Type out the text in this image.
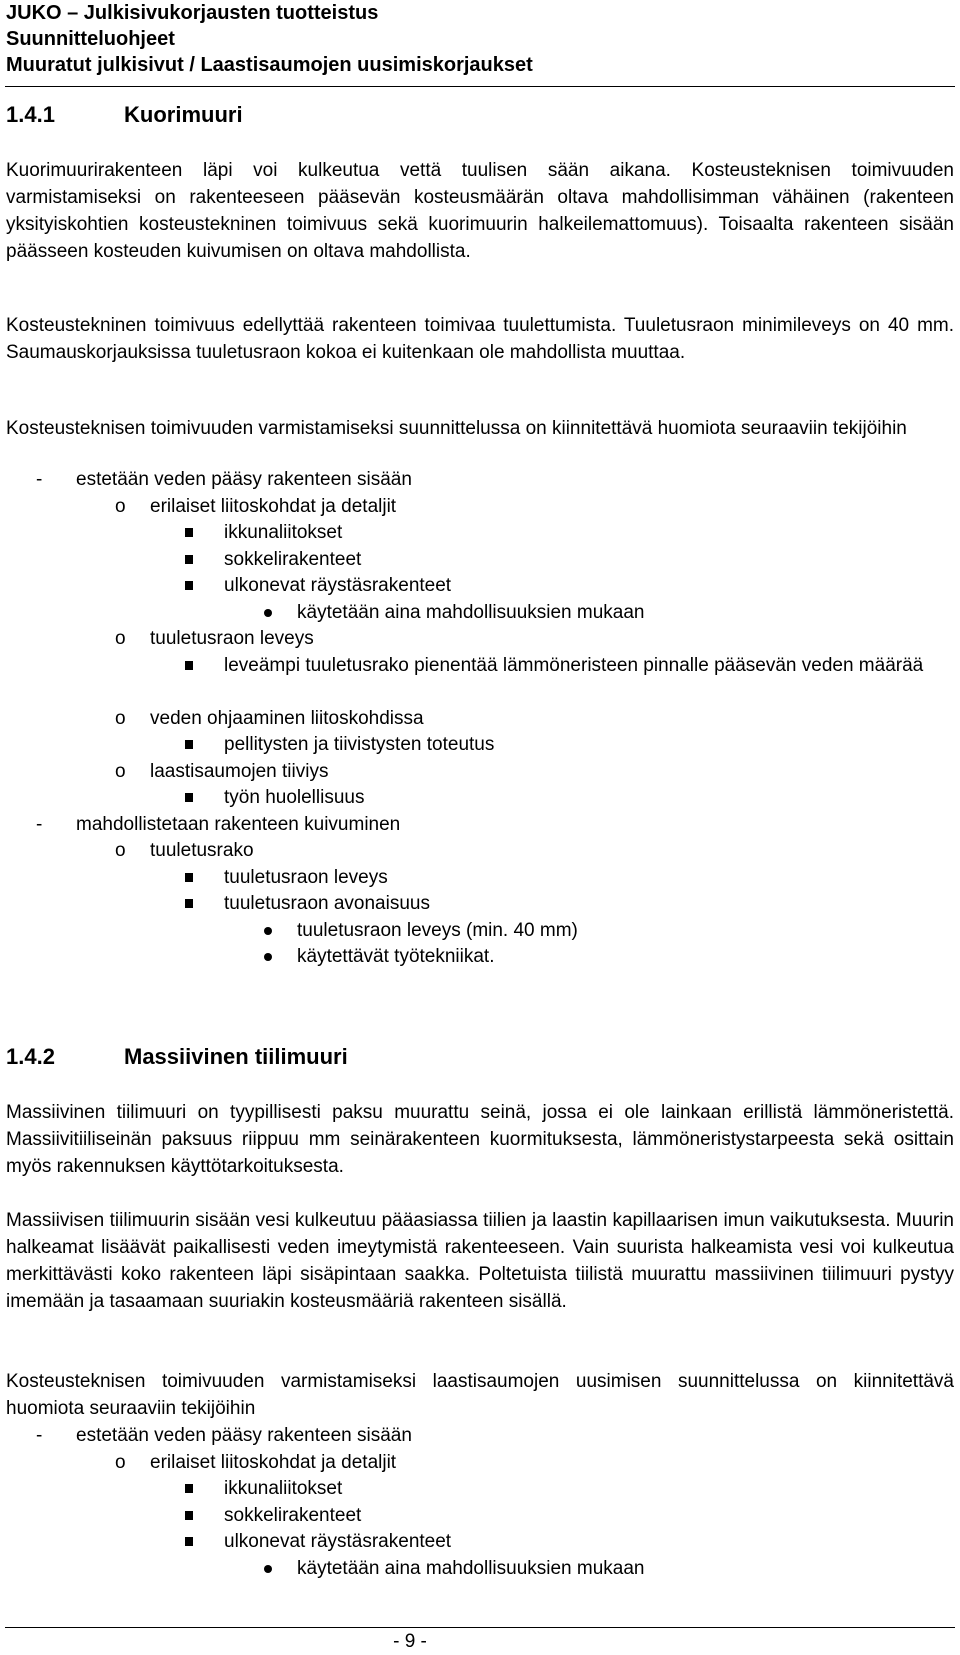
JUKO – Julkisivukorjausten tuotteistus
Suunnitteluohjeet
Muuratut julkisivut / Laastisaumojen uusimiskorjaukset
1.4.1	Kuorimuuri
Kuorimuurirakenteen läpi voi kulkeutua vettä tuulisen sään aikana. Kosteusteknisen toimivuuden varmistamiseksi on rakenteeseen pääsevän kosteusmäärän oltava mahdollisimman vähäinen (rakenteen yksityiskohtien kosteustekninen toimivuus sekä kuorimuurin halkeilemattomuus). Toisaalta rakenteen sisään päässeen kosteuden kuivumisen on oltava mahdollista.
Kosteustekninen toimivuus edellyttää rakenteen toimivaa tuulettumista. Tuuletusraon minimileveys on 40 mm. Saumauskorjauksissa tuuletusraon kokoa ei kuitenkaan ole mahdollista muuttaa.
Kosteusteknisen toimivuuden varmistamiseksi suunnittelussa on kiinnitettävä huomiota seuraaviin tekijöihin
- estetään veden pääsy rakenteen sisään
o erilaiset liitoskohdat ja detaljit
ikkunaliitokset
sokkelirakenteet
ulkonevat räystäsrakenteet
käytetään aina mahdollisuuksien mukaan
o tuuletusraon leveys
leveämpi tuuletusrako pienentää lämmöneristeen pinnalle pääsevän veden määrää
o veden ohjaaminen liitoskohdissa
pellitysten ja tiivistysten toteutus
o laastisaumojen tiiviys
työn huolellisuus
- mahdollistetaan rakenteen kuivuminen
o tuuletusrako
tuuletusraon leveys
tuuletusraon avonaisuus
tuuletusraon leveys (min. 40 mm)
käytettävät työtekniikat.
1.4.2	Massiivinen tiilimuuri
Massiivinen tiilimuuri on tyypillisesti paksu muurattu seinä, jossa ei ole lainkaan erillistä lämmöneristettä. Massiivitiiliseinän paksuus riippuu mm seinärakenteen kuormituksesta, lämmöneristystarpeesta sekä osittain myös rakennuksen käyttötarkoituksesta.
Massiivisen tiilimuurin sisään vesi kulkeutuu pääasiassa tiilien ja laastin kapillaarisen imun vaikutuksesta. Muurin halkeamat lisäävät paikallisesti veden imeytymistä rakenteeseen. Vain suurista halkeamista vesi voi kulkeutua merkittävästi koko rakenteen läpi sisäpintaan saakka. Poltetuista tiilistä muurattu massiivinen tiilimuuri pystyy imemään ja tasaamaan suuriakin kosteusmääriä rakenteen sisällä.
Kosteusteknisen toimivuuden varmistamiseksi laastisaumojen uusimisen suunnittelussa on kiinnitettävä huomiota seuraaviin tekijöihin
- estetään veden pääsy rakenteen sisään
o erilaiset liitoskohdat ja detaljit
ikkunaliitokset
sokkelirakenteet
ulkonevat räystäsrakenteet
käytetään aina mahdollisuuksien mukaan
- 9 -
